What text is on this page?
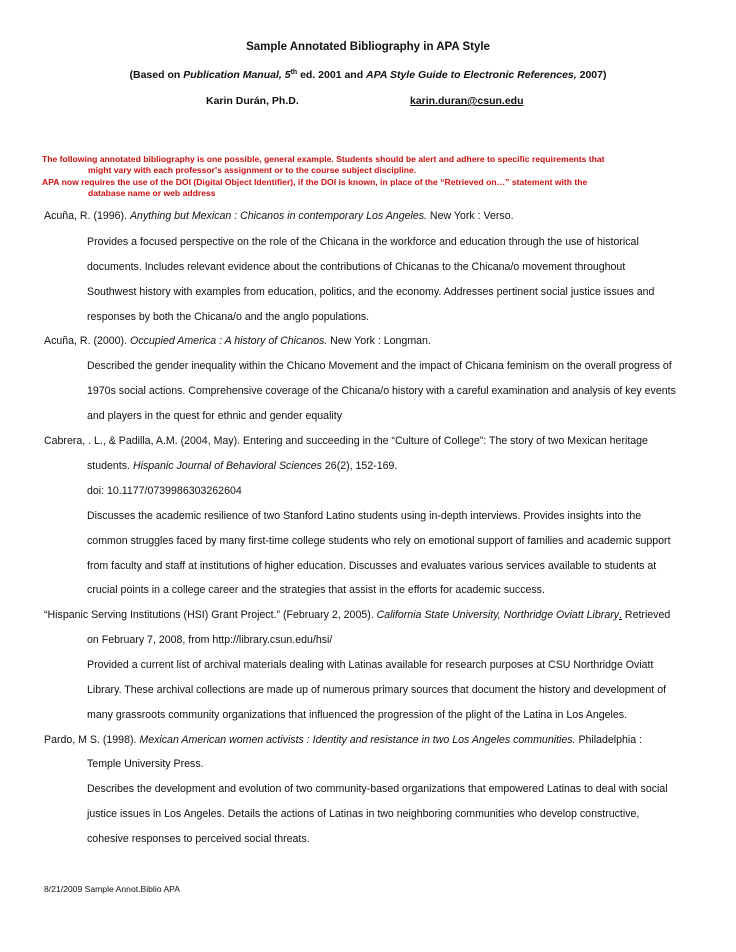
Sample Annotated Bibliography in APA Style
(Based on Publication Manual, 5th ed. 2001 and APA Style Guide to Electronic References, 2007)
Karin Durán, Ph.D.	karin.duran@csun.edu
The following annotated bibliography is one possible, general example. Students should be alert and adhere to specific requirements that
might vary with each professor's assignment or to the course subject discipline.
APA now requires the use of the DOI (Digital Object Identifier), if the DOI is known, in place of the “Retrieved on…” statement with the
database name or web address
Acuña, R. (1996). Anything but Mexican : Chicanos in contemporary Los Angeles. New York : Verso.
Provides a focused perspective on the role of the Chicana in the workforce and education through the use of historical
documents. Includes relevant evidence about the contributions of Chicanas to the Chicana/o movement throughout
Southwest history with examples from education, politics, and the economy. Addresses pertinent social justice issues and
responses by both the Chicana/o and the anglo populations.
Acuña, R. (2000). Occupied America : A history of Chicanos. New York : Longman.
Described the gender inequality within the Chicano Movement and the impact of Chicana feminism on the overall progress of
1970s social actions. Comprehensive coverage of the Chicana/o history with a careful examination and analysis of key events
and players in the quest for ethnic and gender equality
Cabrera, . L., & Padilla, A.M. (2004, May). Entering and succeeding in the “Culture of College”: The story of two Mexican heritage
students. Hispanic Journal of Behavioral Sciences 26(2), 152-169.
doi: 10.1177/0739986303262604
Discusses the academic resilience of two Stanford Latino students using in-depth interviews. Provides insights into the
common struggles faced by many first-time college students who rely on emotional support of families and academic support
from faculty and staff at institutions of higher education. Discusses and evaluates various services available to students at
crucial points in a college career and the strategies that assist in the efforts for academic success.
“Hispanic Serving Institutions (HSI) Grant Project.” (February 2, 2005). California State University, Northridge Oviatt Library. Retrieved
on February 7, 2008, from http://library.csun.edu/hsi/
Provided a current list of archival materials dealing with Latinas available for research purposes at CSU Northridge Oviatt
Library. These archival collections are made up of numerous primary sources that document the history and development of
many grassroots community organizations that influenced the progression of the plight of the Latina in Los Angeles.
Pardo, M S. (1998). Mexican American women activists : Identity and resistance in two Los Angeles communities. Philadelphia :
Temple University Press.
Describes the development and evolution of two community-based organizations that empowered Latinas to deal with social
justice issues in Los Angeles. Details the actions of Latinas in two neighboring communities who develop constructive,
cohesive responses to perceived social threats.
8/21/2009 Sample Annot.Biblio APA
